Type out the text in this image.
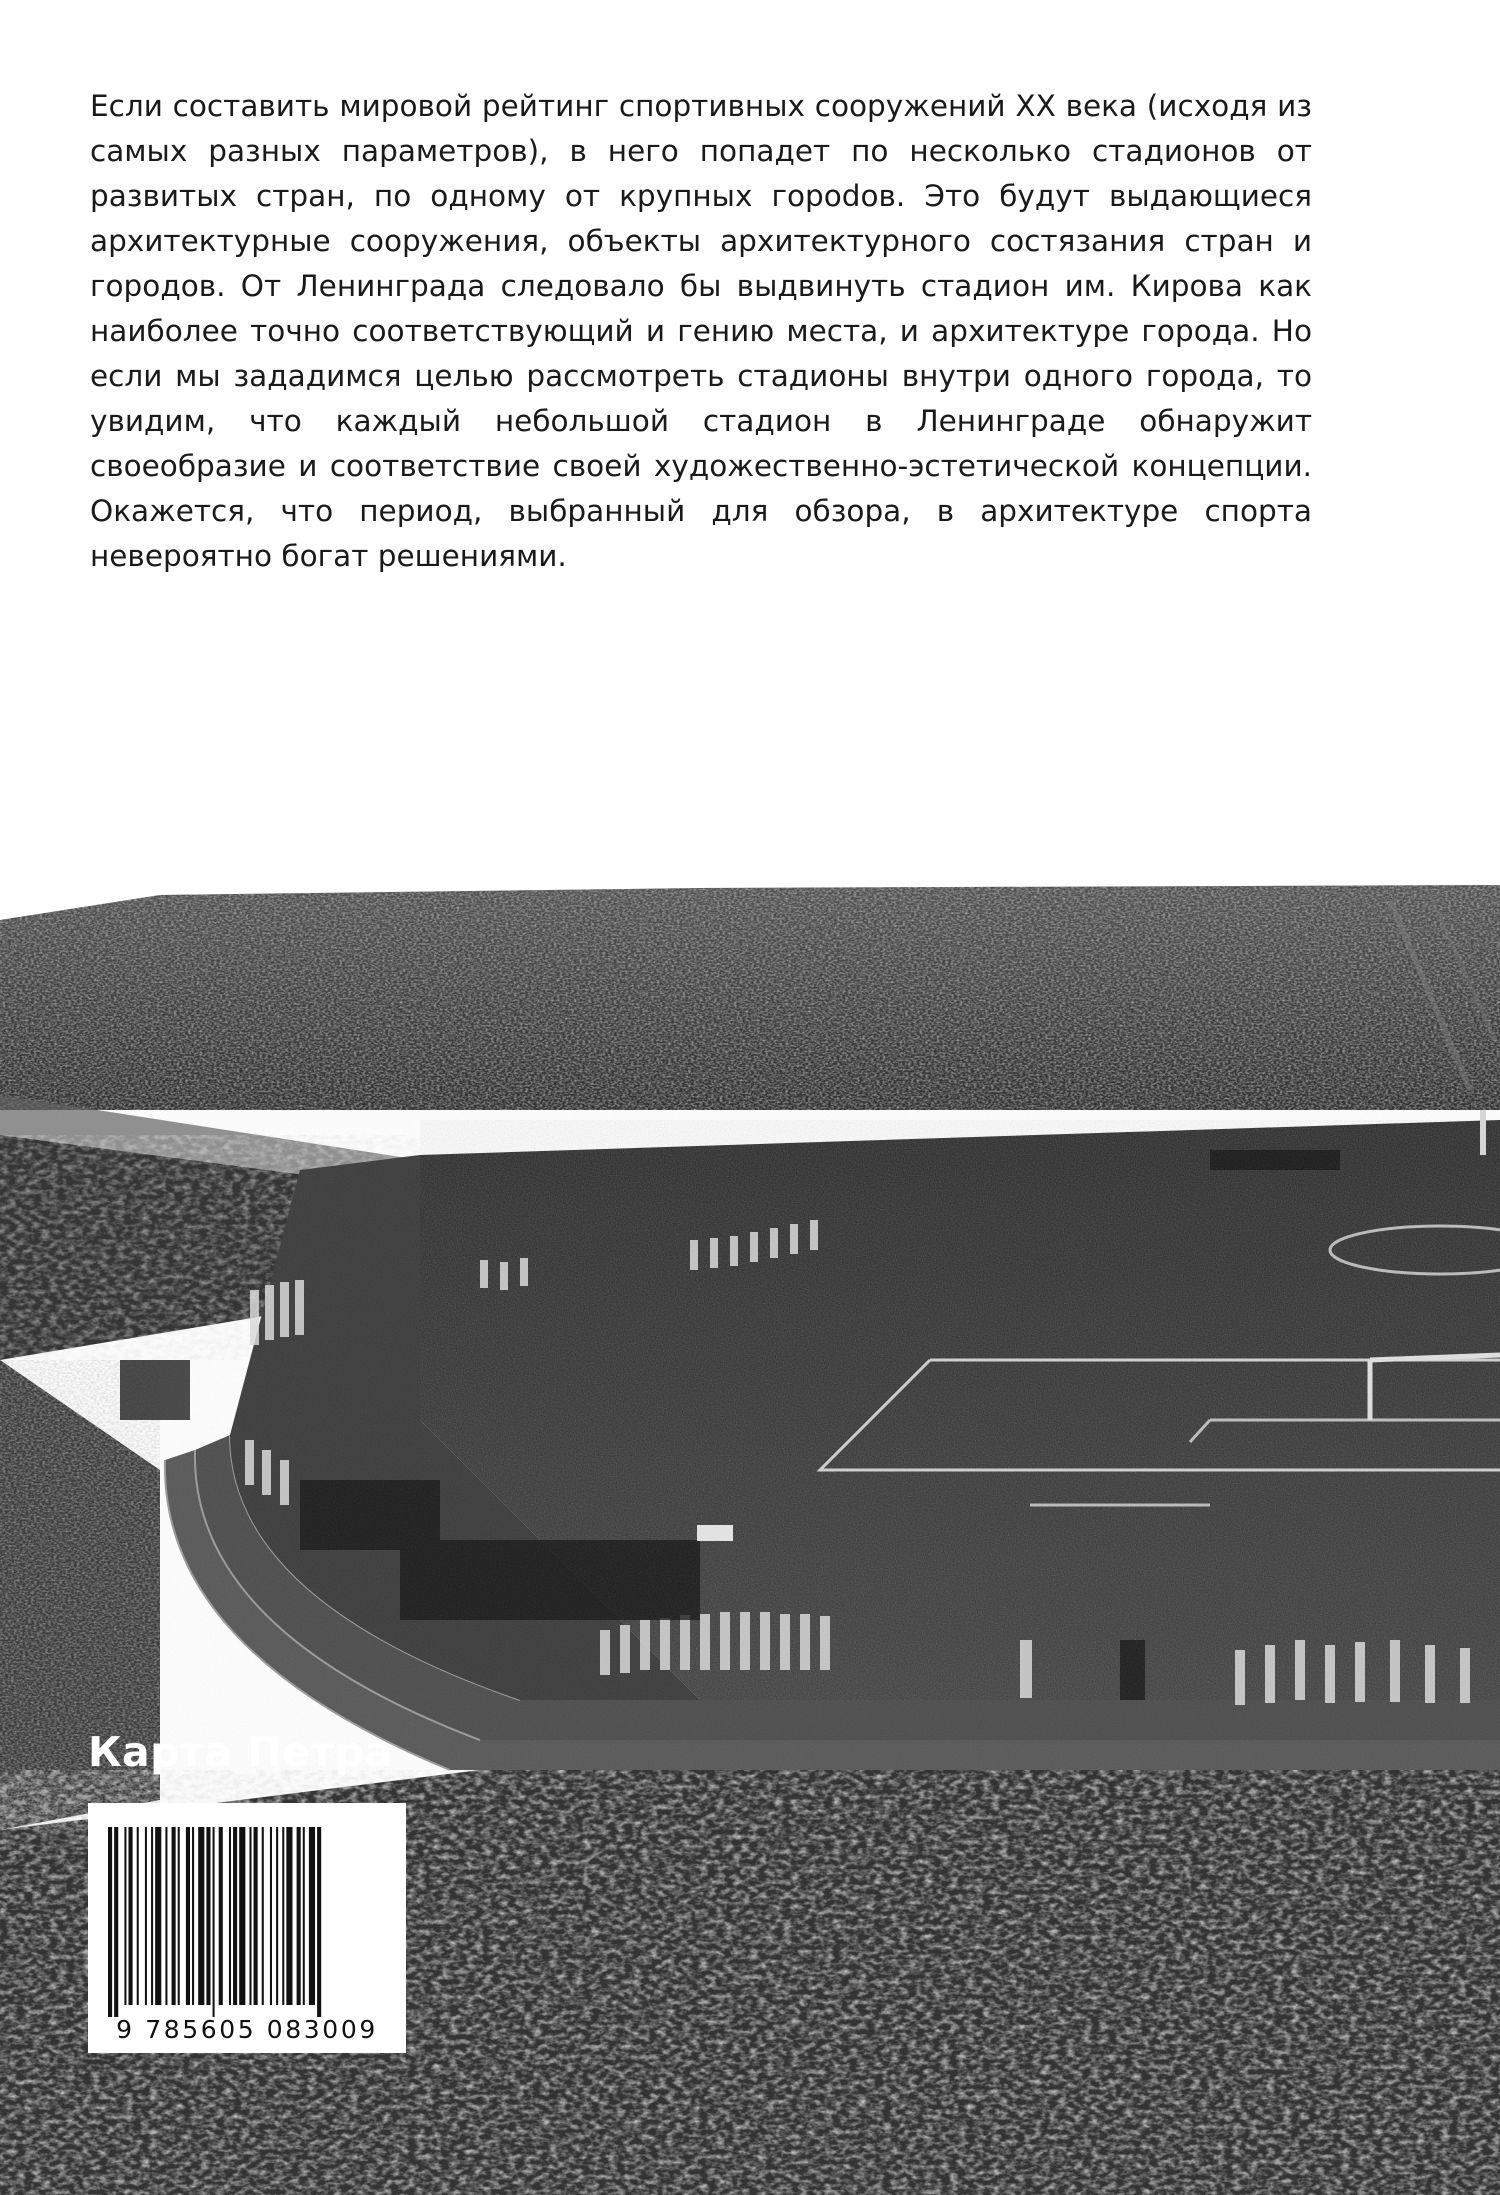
Если составить мировой рейтинг спортивных сооружений XX века (исходя из самых разных параметров), в него попадет по несколько стадионов от развитых стран, по одному от крупных гороdов. Это будут выдающиеся архитектурные сооружения, объекты архитектурного состязания стран и городов. От Ленинграда следовало бы выдвинуть стадион им. Кирова как наиболее точно соответствующий и гению места, и архитектуре города. Но если мы зададимся целью рассмотреть стадионы внутри одного города, то увидим, что каждый небольшой стадион в Ленинграде обнаружит своеобразие и соответствие своей художественно-эстетической концепции. Окажется, что период, выбранный для обзора, в архитектуре спорта невероятно богат решениями.

Карта Петра
9 785605 083009
